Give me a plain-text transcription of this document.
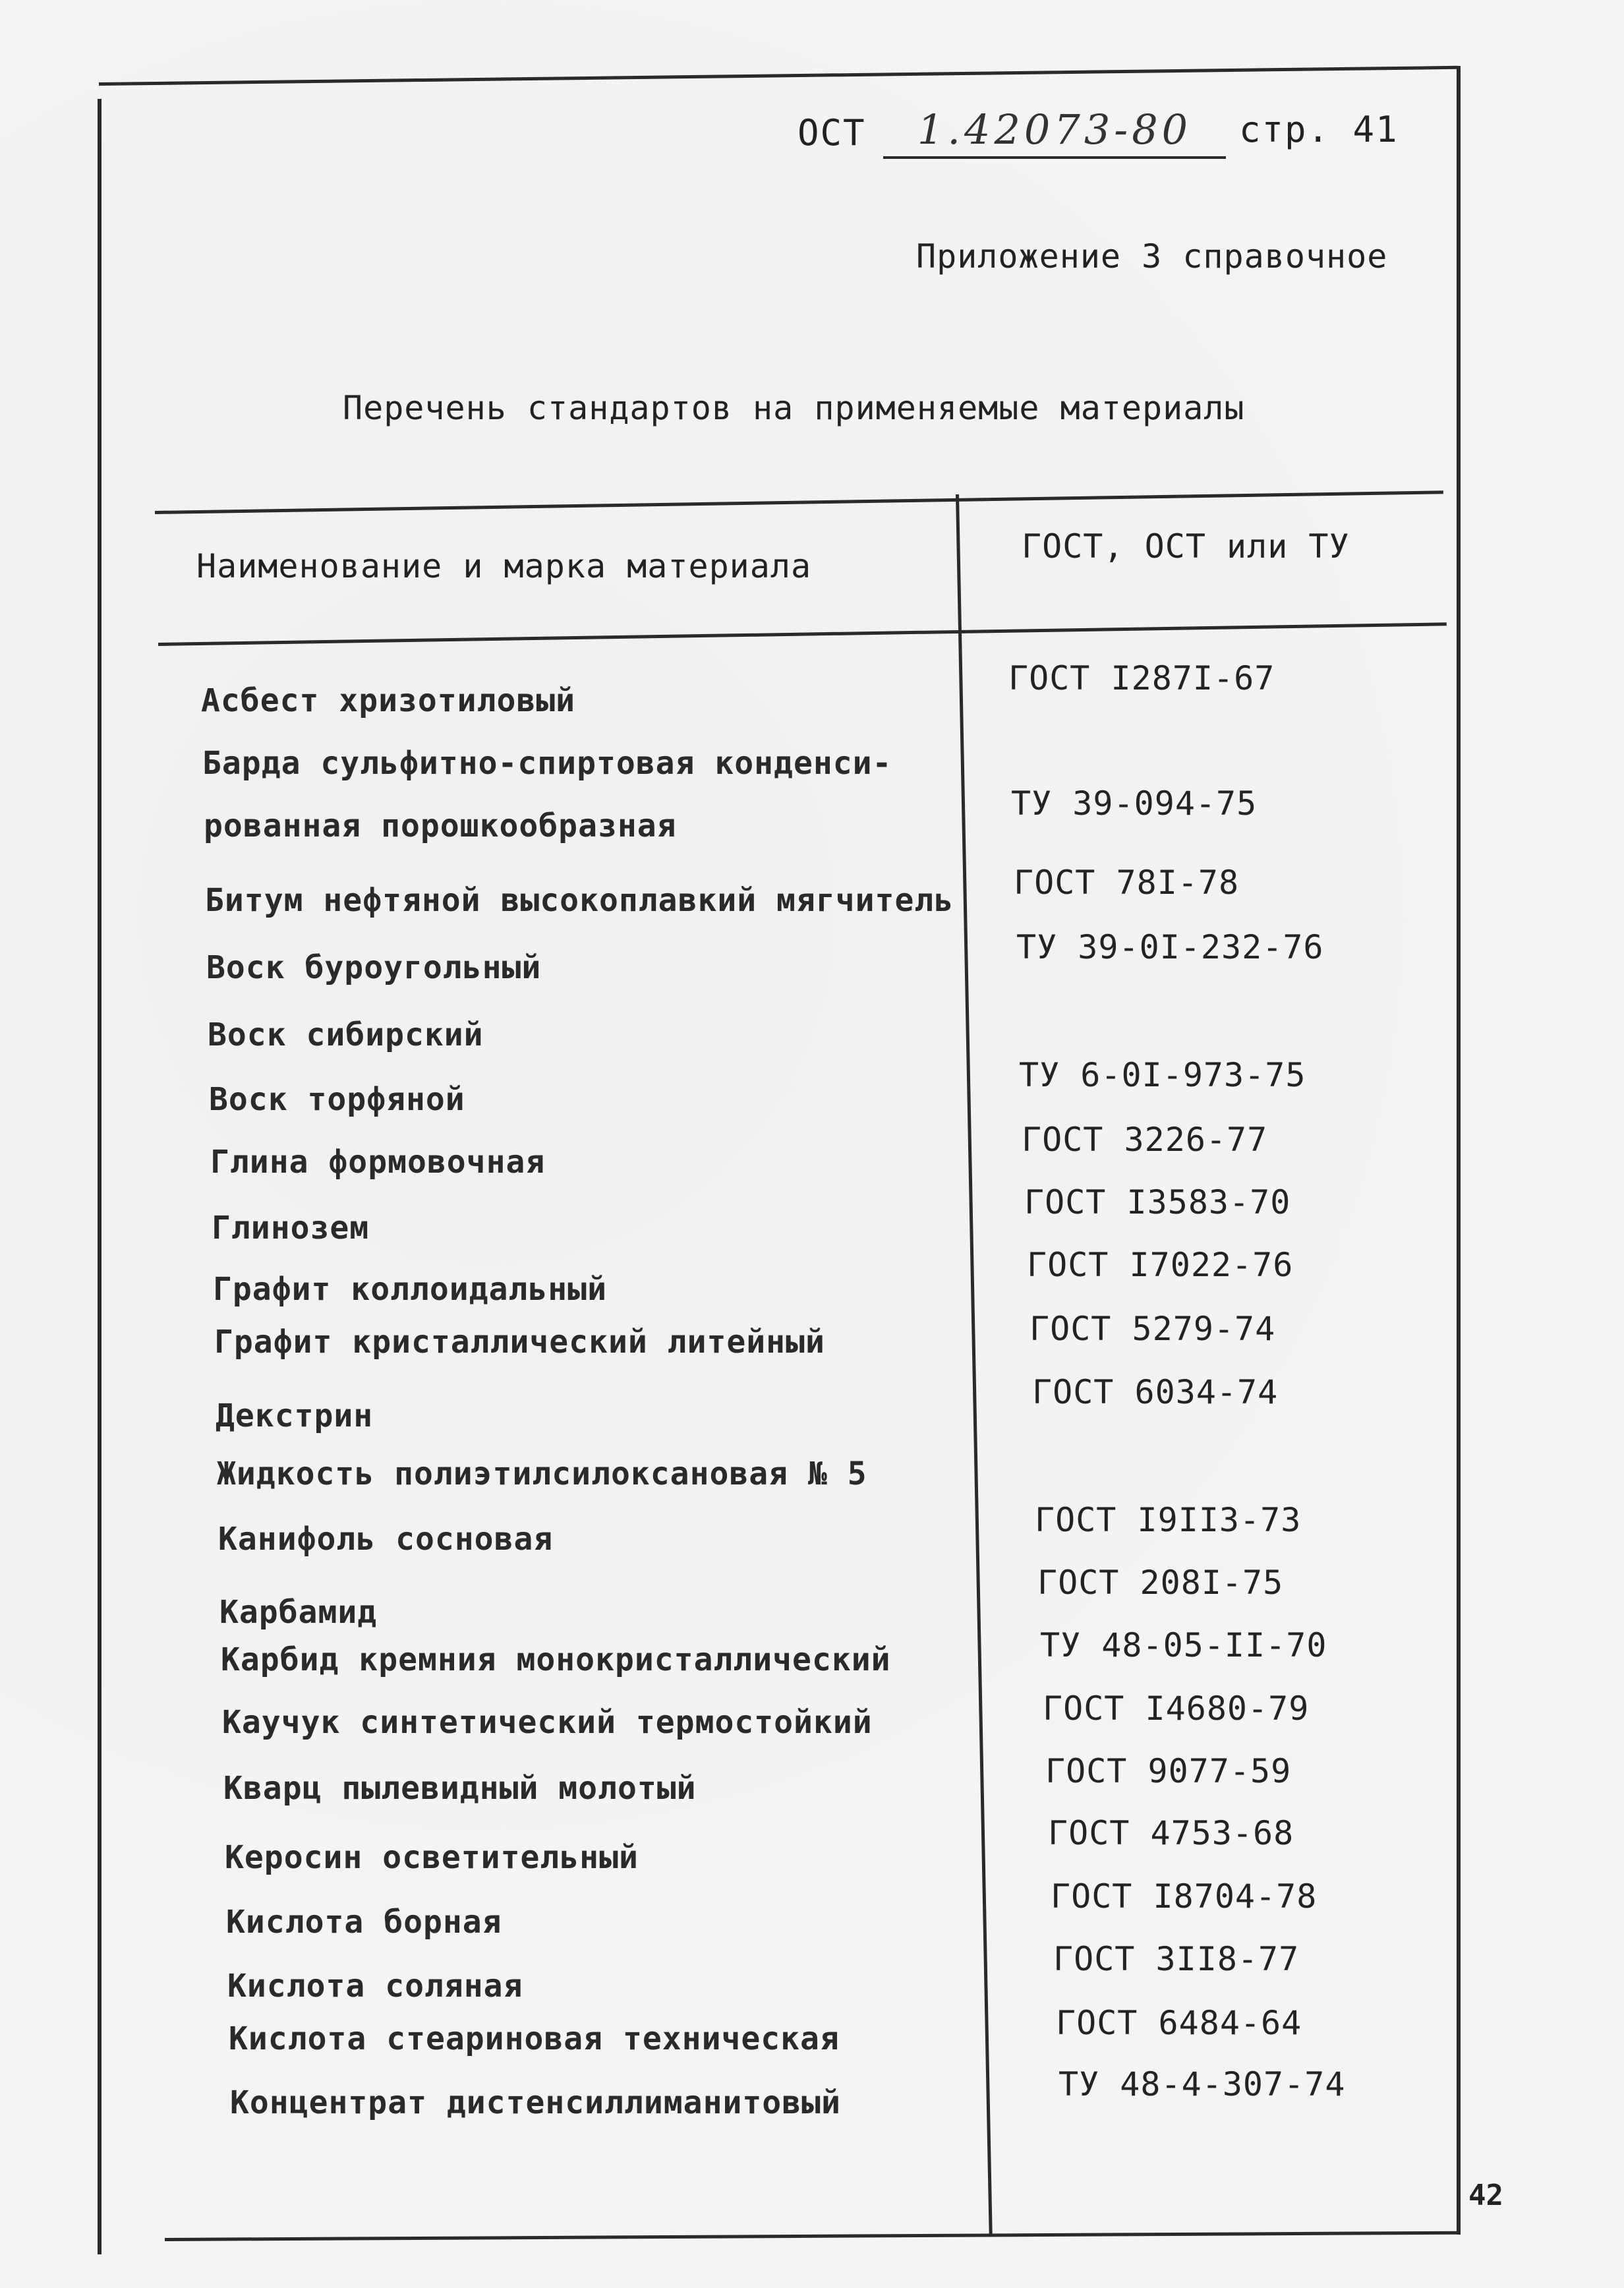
ОСТ	1.42073-80	стр. 41
Приложение 3 справочное
Перечень стандартов на применяемые материалы
Наименование и марка материала
ГОСТ, ОСТ или ТУ
Асбест хризотиловый
Барда сульфитно-спиртовая конденси-
рованная порошкообразная
Битум нефтяной высокоплавкий мягчитель
Воск буроугольный
Воск сибирский
Воск торфяной
Глина формовочная
Глинозем
Графит коллоидальный
Графит кристаллический литейный
Декстрин
Жидкость полиэтилсилоксановая № 5
Канифоль сосновая
Карбамид
Карбид кремния монокристаллический
Каучук синтетический термостойкий
Кварц пылевидный молотый
Керосин осветительный
Кислота борная
Кислота соляная
Кислота стеариновая техническая
Концентрат дистенсиллиманитовый
ГОСТ I287I-67
ТУ 39-094-75
ГОСТ 78I-78
ТУ 39-0I-232-76
ТУ 6-0I-973-75
ГОСТ 3226-77
ГОСТ I3583-70
ГОСТ I7022-76
ГОСТ 5279-74
ГОСТ 6034-74
ГОСТ I9II3-73
ГОСТ 208I-75
ТУ 48-05-II-70
ГОСТ I4680-79
ГОСТ 9077-59
ГОСТ 4753-68
ГОСТ I8704-78
ГОСТ 3II8-77
ГОСТ 6484-64
ТУ 48-4-307-74
42
